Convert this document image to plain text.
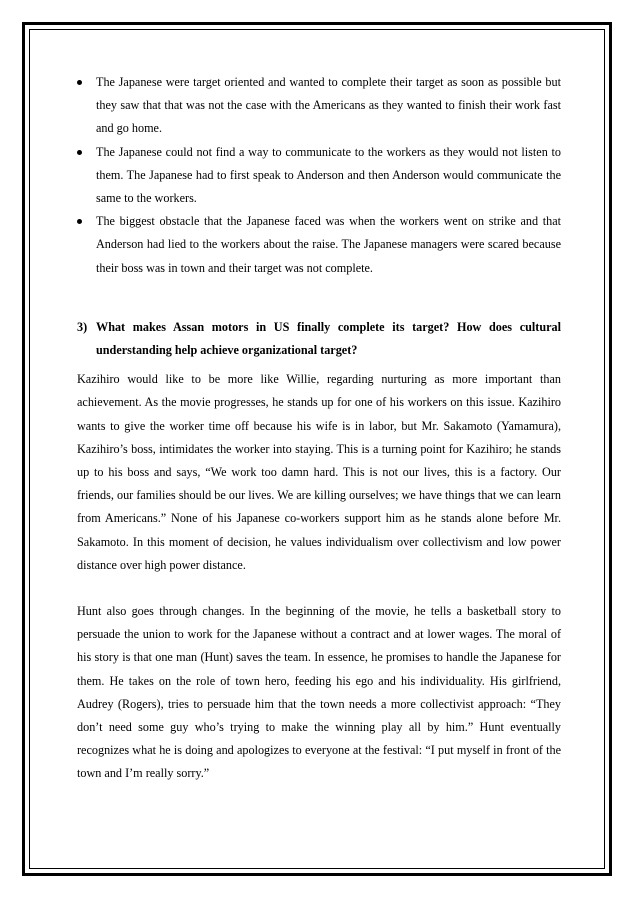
The Japanese were target oriented and wanted to complete their target as soon as possible but they saw that that was not the case with the Americans as they wanted to finish their work fast and go home.
The Japanese could not find a way to communicate to the workers as they would not listen to them. The Japanese had to first speak to Anderson and then Anderson would communicate the same to the workers.
The biggest obstacle that the Japanese faced was when the workers went on strike and that Anderson had lied to the workers about the raise. The Japanese managers were scared because their boss was in town and their target was not complete.
3) What makes Assan motors in US finally complete its target? How does cultural understanding help achieve organizational target?

Kazihiro would like to be more like Willie, regarding nurturing as more important than achievement. As the movie progresses, he stands up for one of his workers on this issue. Kazihiro wants to give the worker time off because his wife is in labor, but Mr. Sakamoto (Yamamura), Kazihiro’s boss, intimidates the worker into staying. This is a turning point for Kazihiro; he stands up to his boss and says, “We work too damn hard. This is not our lives, this is a factory. Our friends, our families should be our lives. We are killing ourselves; we have things that we can learn from Americans.” None of his Japanese co-workers support him as he stands alone before Mr. Sakamoto. In this moment of decision, he values individualism over collectivism and low power distance over high power distance.

Hunt also goes through changes. In the beginning of the movie, he tells a basketball story to persuade the union to work for the Japanese without a contract and at lower wages. The moral of his story is that one man (Hunt) saves the team. In essence, he promises to handle the Japanese for them. He takes on the role of town hero, feeding his ego and his individuality. His girlfriend, Audrey (Rogers), tries to persuade him that the town needs a more collectivist approach: “They don’t need some guy who’s trying to make the winning play all by him.” Hunt eventually recognizes what he is doing and apologizes to everyone at the festival: “I put myself in front of the town and I’m really sorry.”
